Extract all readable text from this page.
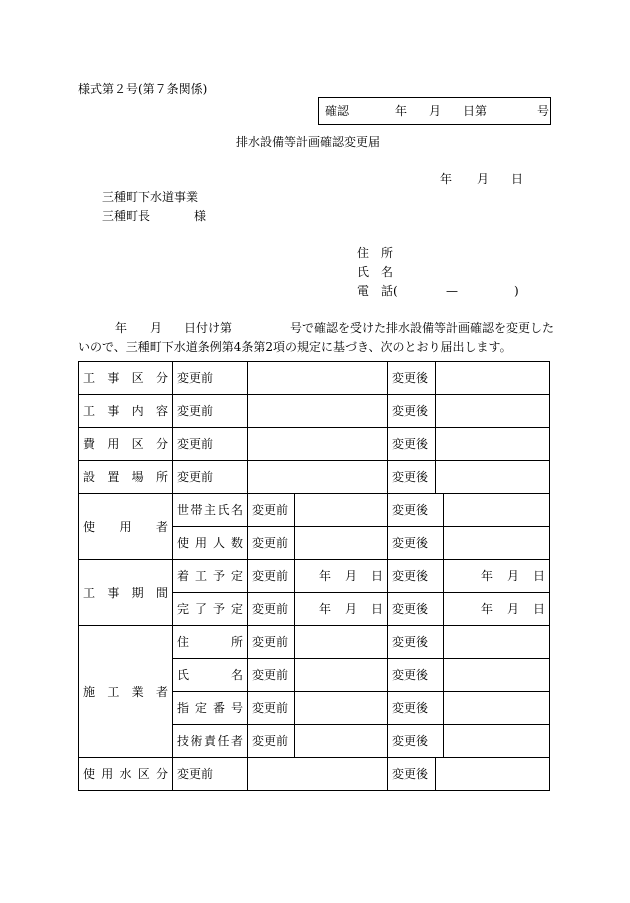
様式第２号(第７条関係)
確認	年 月 日第	号
排水設備等計画確認変更届
年 月 日
三種町下水道事業
三種町長	様
住　所
氏　名
電　話(	—	)
年 月 日付け第	号で確認を受けた排水設備等計画確認を変更した
いので、三種町下水道条例第4条第2項の規定に基づき、次のとおり届出します。
工 事 区 分	変更前			変更後		

工 事 内 容	変更前			変更後		

費 用 区 分	変更前			変更後		

設 置 場 所	変更前			変更後		

使 用 者	世 帯 主 氏 名	変更前		変更後		

	使 用 人 数	変更前		変更後		

工 事 期 間	着 工 予 定	変更前	年 月 日	変更後		年 月 日

	完 了 予 定	変更前	年 月 日	変更後		年 月 日

施 工 業 者	住 所	変更前		変更後		

	氏 名	変更前		変更後		

	指 定 番 号	変更前		変更後		

	技 術 責 任 者	変更前		変更後		

使 用 水 区 分	変更前			変更後		
